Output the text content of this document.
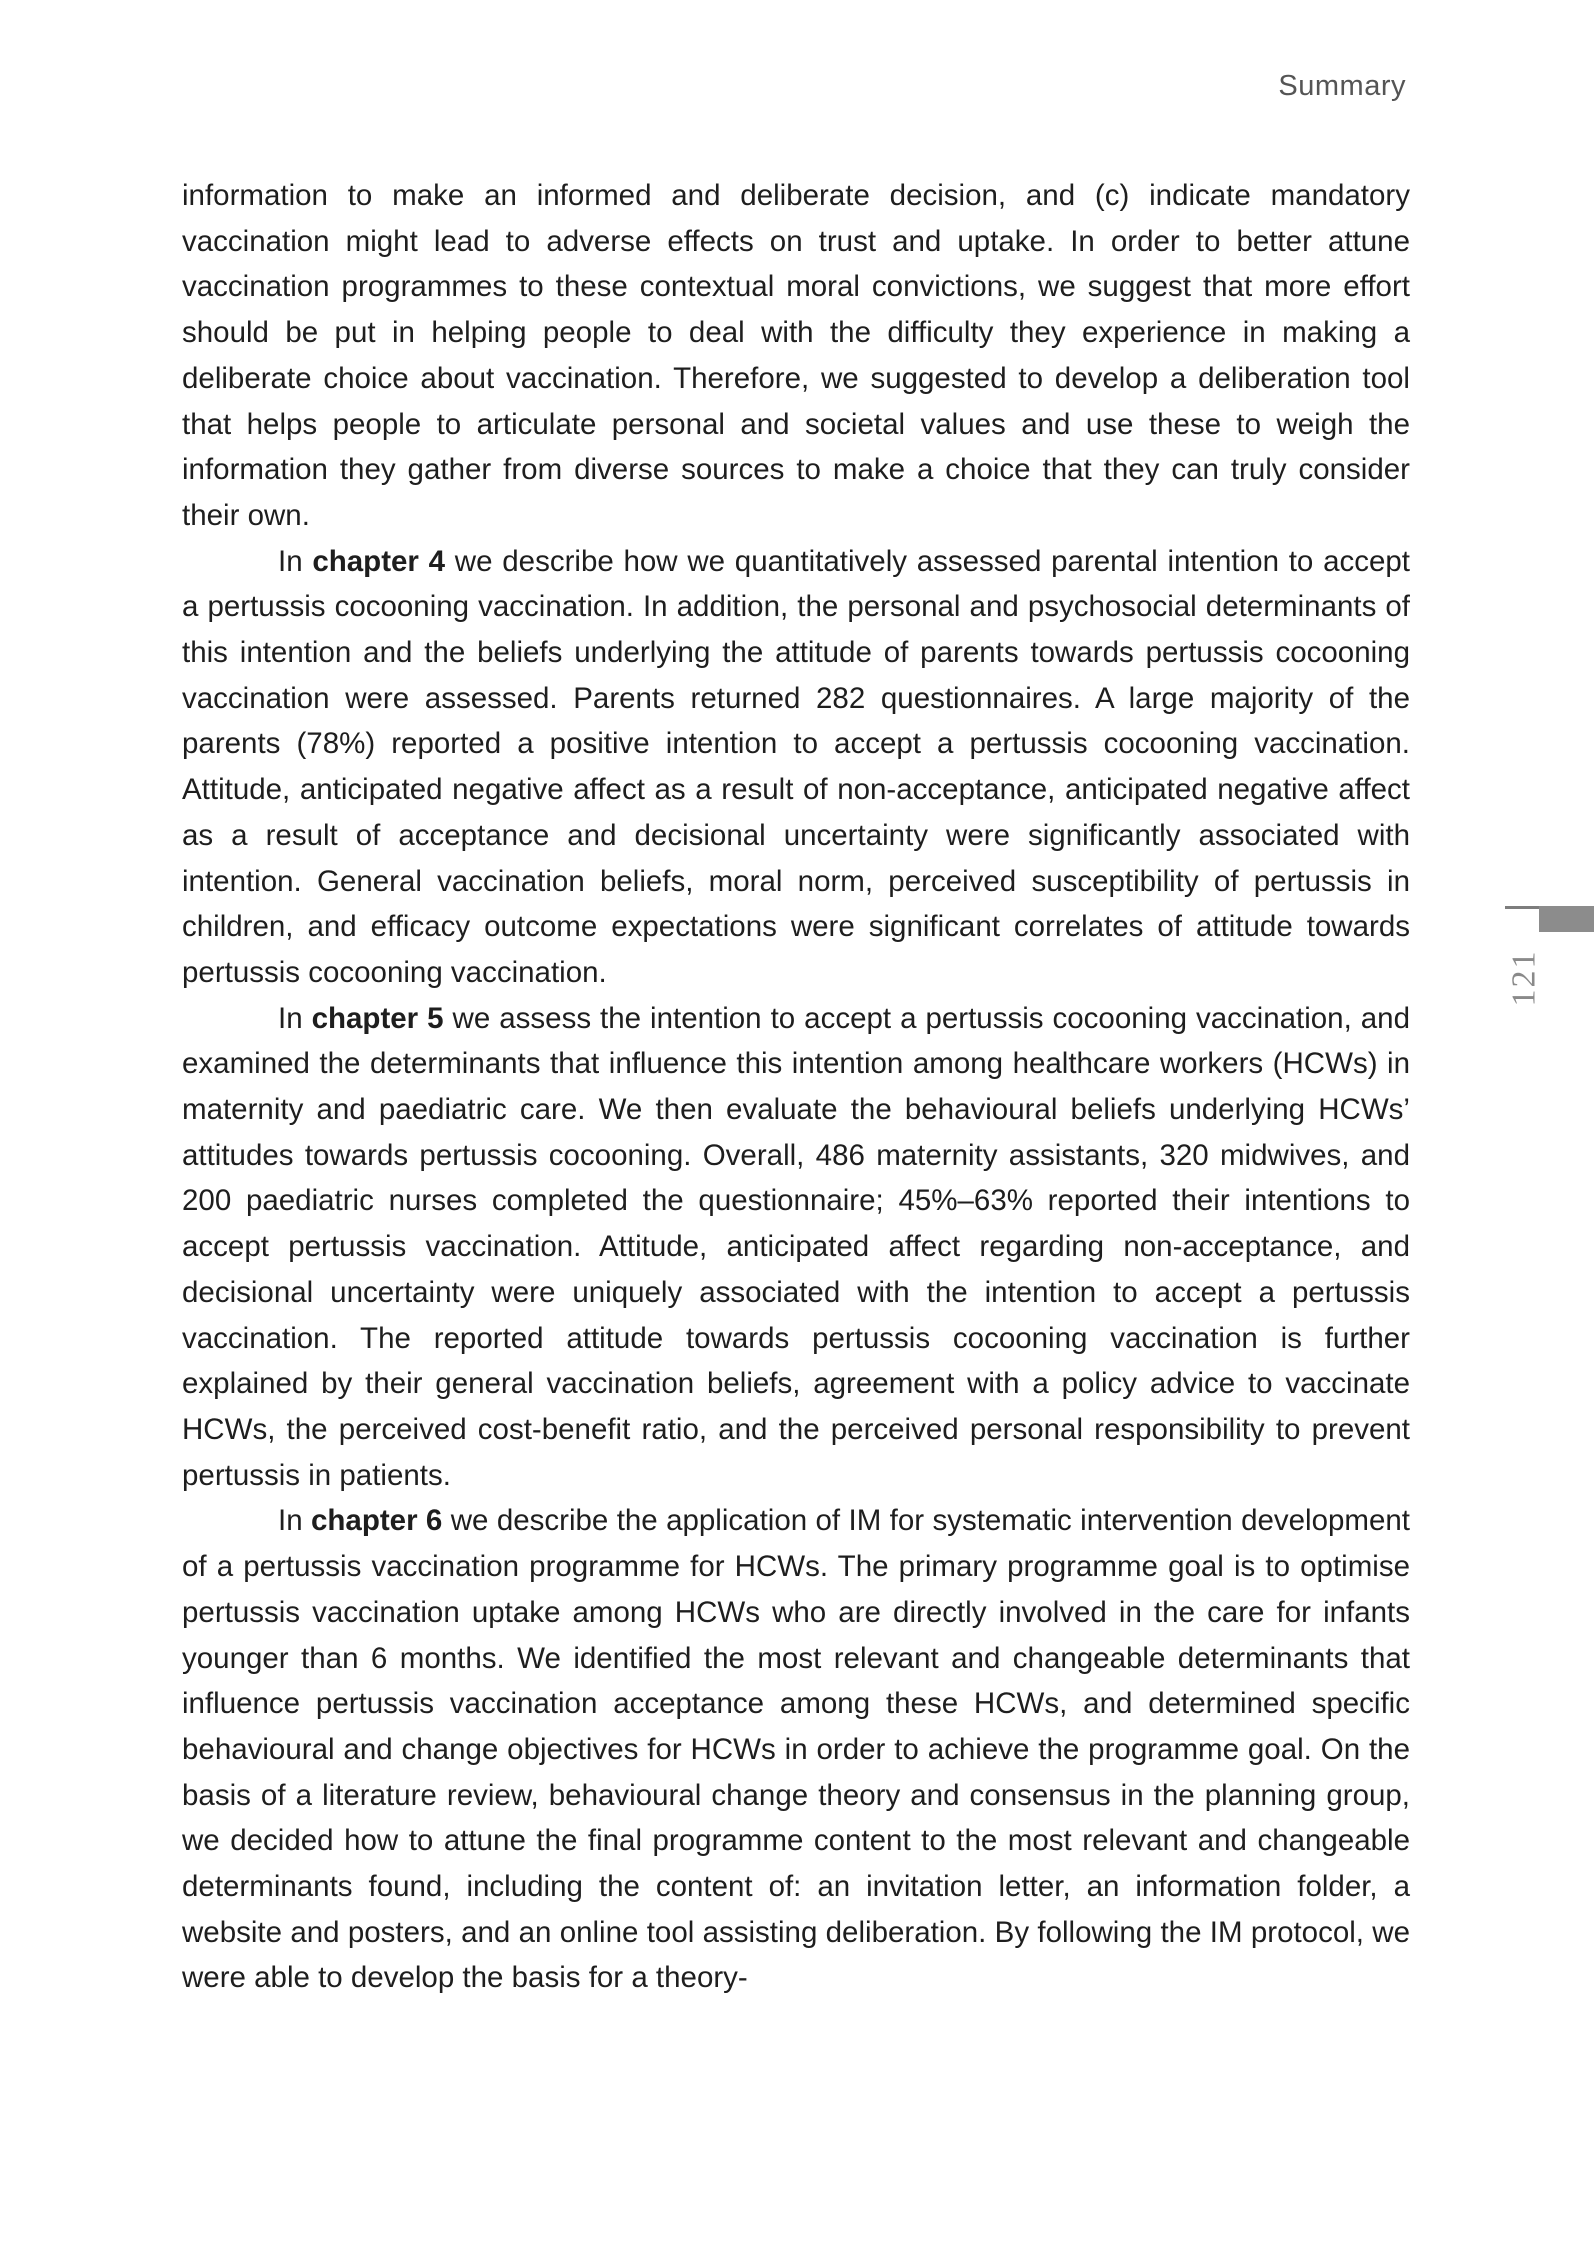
Summary
121

information to make an informed and deliberate decision, and (c) indicate mandatory vaccination might lead to adverse effects on trust and uptake. In order to better attune vaccination programmes to these contextual moral convictions, we suggest that more effort should be put in helping people to deal with the difficulty they experience in making a deliberate choice about vaccination. Therefore, we suggested to develop a deliberation tool that helps people to articulate personal and societal values and use these to weigh the information they gather from diverse sources to make a choice that they can truly consider their own.

In chapter 4 we describe how we quantitatively assessed parental intention to accept a pertussis cocooning vaccination. In addition, the personal and psychosocial determinants of this intention and the beliefs underlying the attitude of parents towards pertussis cocooning vaccination were assessed. Parents returned 282 questionnaires. A large majority of the parents (78%) reported a positive intention to accept a pertussis cocooning vaccination. Attitude, anticipated negative affect as a result of non-acceptance, anticipated negative affect as a result of acceptance and decisional uncertainty were significantly associated with intention. General vaccination beliefs, moral norm, perceived susceptibility of pertussis in children, and efficacy outcome expectations were significant correlates of attitude towards pertussis cocooning vaccination.

In chapter 5 we assess the intention to accept a pertussis cocooning vaccination, and examined the determinants that influence this intention among healthcare workers (HCWs) in maternity and paediatric care. We then evaluate the behavioural beliefs underlying HCWs’ attitudes towards pertussis cocooning. Overall, 486 maternity assistants, 320 midwives, and 200 paediatric nurses completed the questionnaire; 45%–63% reported their intentions to accept pertussis vaccination. Attitude, anticipated affect regarding non-acceptance, and decisional uncertainty were uniquely associated with the intention to accept a pertussis vaccination. The reported attitude towards pertussis cocooning vaccination is further explained by their general vaccination beliefs, agreement with a policy advice to vaccinate HCWs, the perceived cost-benefit ratio, and the perceived personal responsibility to prevent pertussis in patients.

In chapter 6 we describe the application of IM for systematic intervention development of a pertussis vaccination programme for HCWs. The primary programme goal is to optimise pertussis vaccination uptake among HCWs who are directly involved in the care for infants younger than 6 months. We identified the most relevant and changeable determinants that influence pertussis vaccination acceptance among these HCWs, and determined specific behavioural and change objectives for HCWs in order to achieve the programme goal. On the basis of a literature review, behavioural change theory and consensus in the planning group, we decided how to attune the final programme content to the most relevant and changeable determinants found, including the content of: an invitation letter, an information folder, a website and posters, and an online tool assisting deliberation. By following the IM protocol, we were able to develop the basis for a theory-
